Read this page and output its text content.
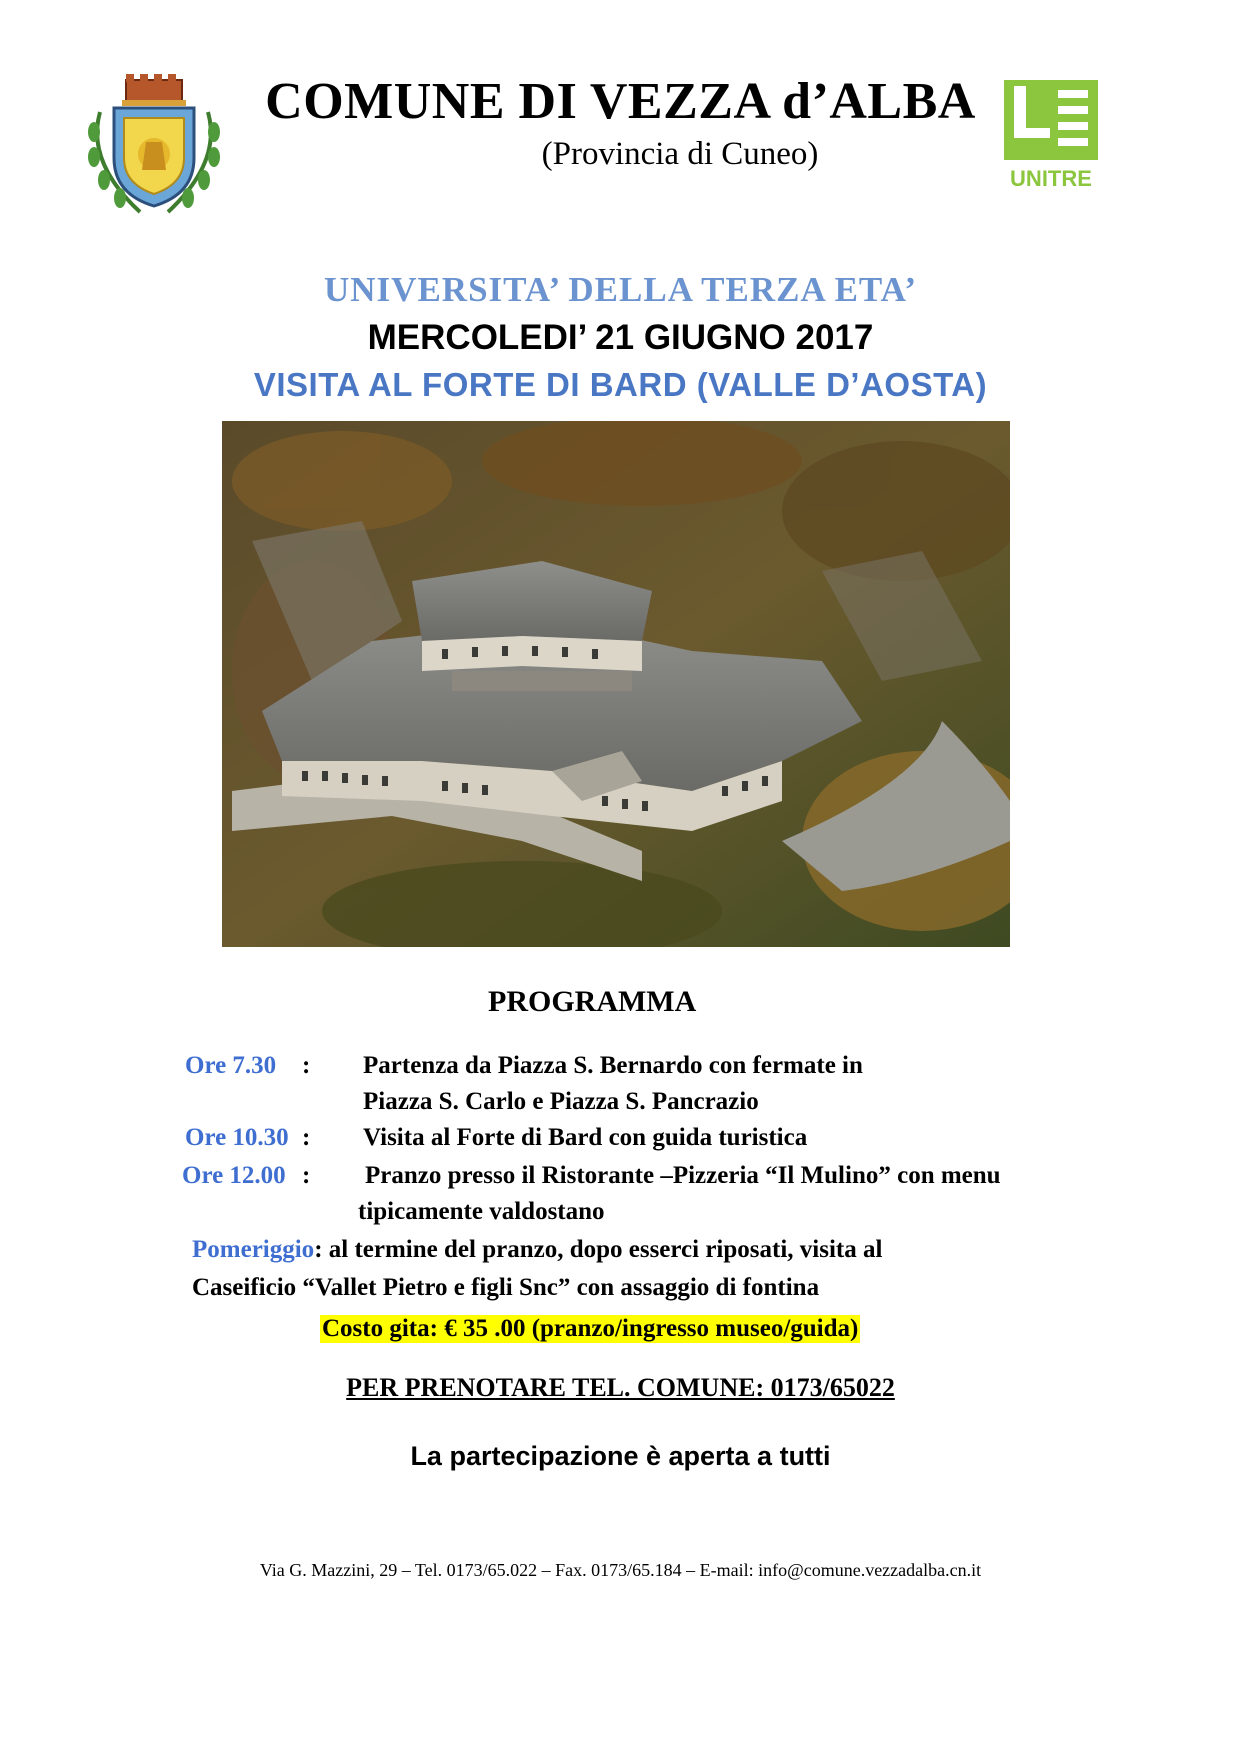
COMUNE DI VEZZA d’ALBA
(Provincia di Cuneo)
UNITRE
UNIVERSITA’ DELLA TERZA ETA’
MERCOLEDI’ 21 GIUGNO 2017
VISITA AL FORTE DI BARD (VALLE D’AOSTA)
PROGRAMMA
Ore 7.30 : Partenza da Piazza S. Bernardo con fermate in
Piazza S. Carlo e Piazza S. Pancrazio
Ore 10.30 : Visita al Forte di Bard con guida turistica
Ore 12.00 : Pranzo presso il Ristorante –Pizzeria “Il Mulino” con menu
tipicamente valdostano
Pomeriggio: al termine del pranzo, dopo esserci riposati, visita al
Caseificio “Vallet Pietro e figli Snc” con assaggio di fontina
Costo gita: € 35 .00 (pranzo/ingresso museo/guida)
PER PRENOTARE TEL. COMUNE: 0173/65022
La partecipazione è aperta a tutti
Via G. Mazzini, 29 – Tel. 0173/65.022 – Fax. 0173/65.184 – E-mail: info@comune.vezzadalba.cn.it
